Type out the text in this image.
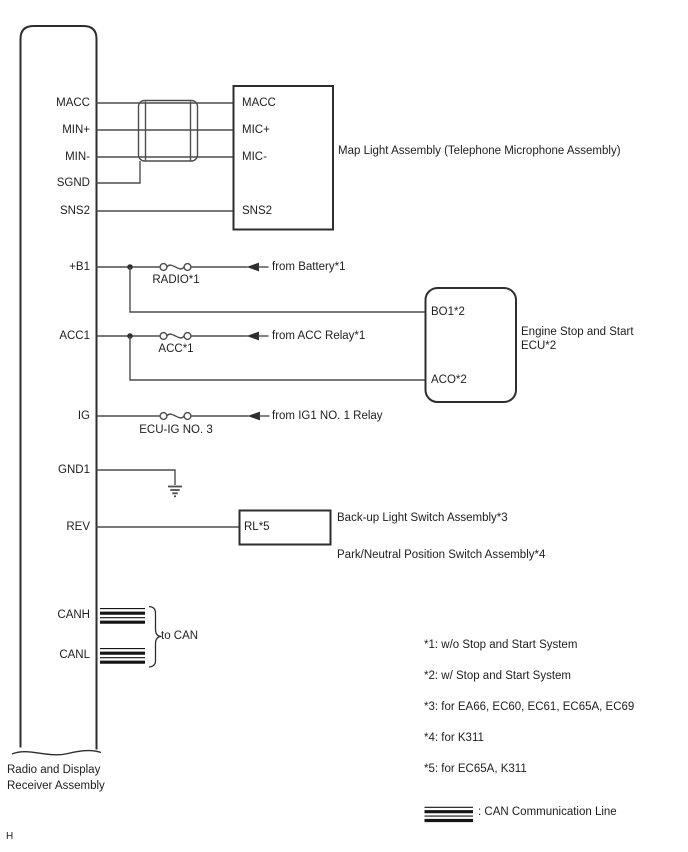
MACC
MIN+
MIN-
SGND
SNS2
+B1
ACC1
IG
GND1
REV
CANH
CANL
MACC
MIC+
MIC-
SNS2
Map Light Assembly (Telephone Microphone Assembly)
BO1*2
ACO*2
Engine Stop and Start
ECU*2
RADIO*1
ACC*1
ECU-IG NO. 3
from Battery*1
from ACC Relay*1
from IG1 NO. 1 Relay
RL*5
Back-up Light Switch Assembly*3
Park/Neutral Position Switch Assembly*4
to CAN
Radio and Display
Receiver Assembly
*1: w/o Stop and Start System
*2: w/ Stop and Start System
*3: for EA66, EC60, EC61, EC65A, EC69
*4: for K311
*5: for EC65A, K311
: CAN Communication Line
H
